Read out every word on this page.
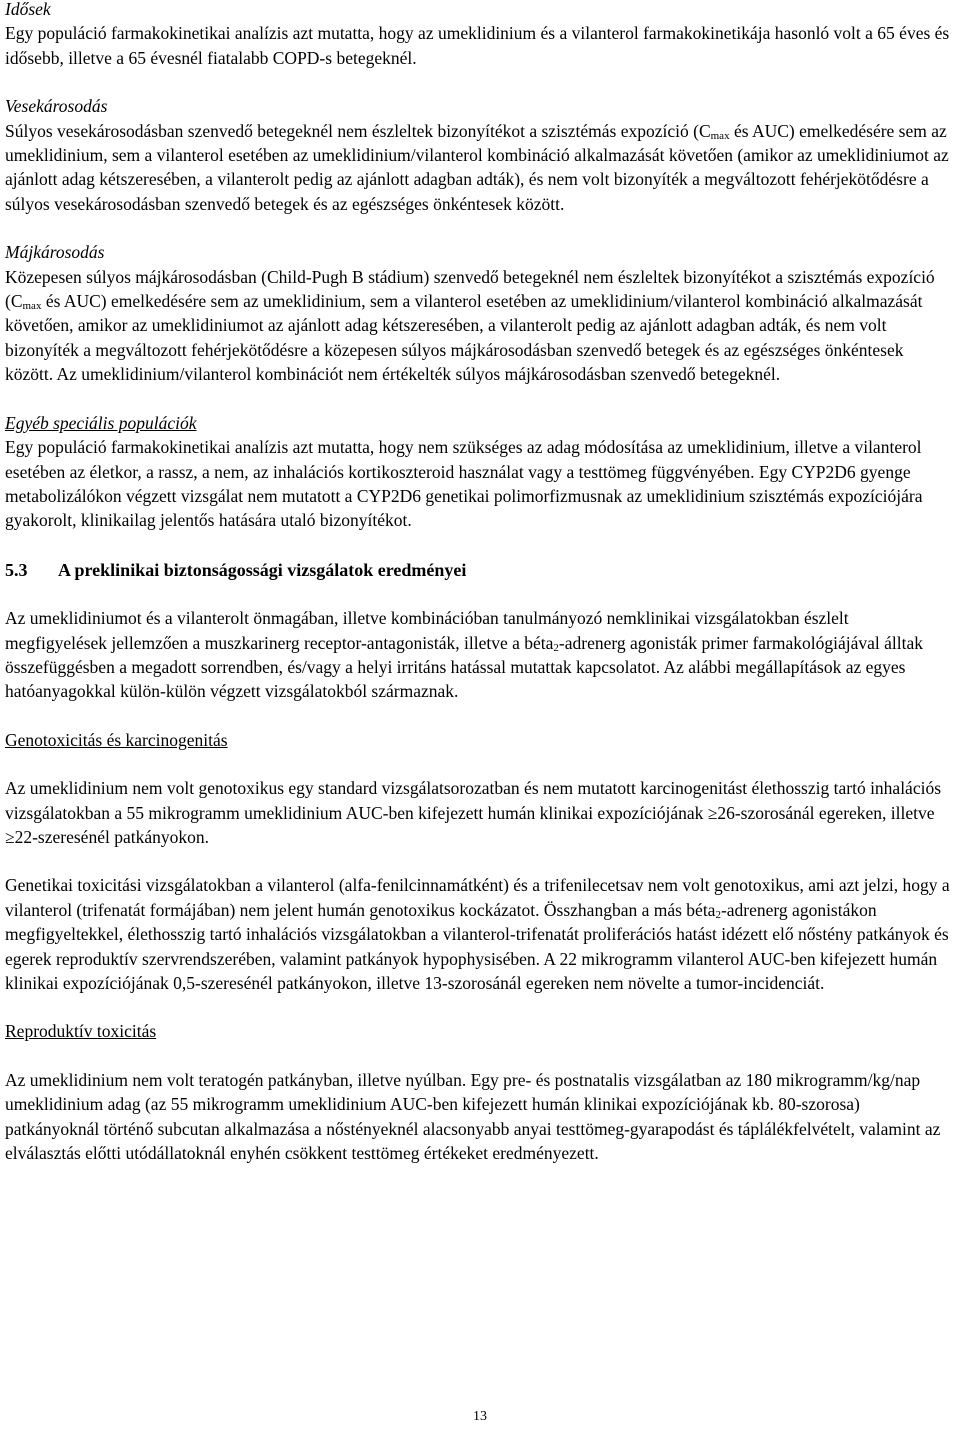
Idősek

Egy populáció farmakokinetikai analízis azt mutatta, hogy az umeklidinium és a vilanterol farmakokinetikája hasonló volt a 65 éves és idősebb, illetve a 65 évesnél fiatalabb COPD-s betegeknél.

Vesekárosodás

Súlyos vesekárosodásban szenvedő betegeknél nem észleltek bizonyítékot a szisztémás expozíció ($C_{max}$ és AUC) emelkedésére sem az umeklidinium, sem a vilanterol esetében az umeklidinium/vilanterol kombináció alkalmazását követően (amikor az umeklidiniumot az ajánlott adag kétszeresében, a vilanterolt pedig az ajánlott adagban adták), és nem volt bizonyíték a megváltozott fehérjekötődésre a súlyos vesekárosodásban szenvedő betegek és az egészséges önkéntesek között.

Májkárosodás

Közepesen súlyos májkárosodásban (Child-Pugh B stádium) szenvedő betegeknél nem észleltek bizonyítékot a szisztémás expozíció ($C_{max}$ és AUC) emelkedésére sem az umeklidinium, sem a vilanterol esetében az umeklidinium/vilanterol kombináció alkalmazását követően, amikor az umeklidiniumot az ajánlott adag kétszeresében, a vilanterolt pedig az ajánlott adagban adták, és nem volt bizonyíték a megváltozott fehérjekötődésre a közepesen súlyos májkárosodásban szenvedő betegek és az egészséges önkéntesek között. Az umeklidinium/vilanterol kombinációt nem értékelték súlyos májkárosodásban szenvedő betegeknél.

Egyéb speciális populációk

Egy populáció farmakokinetikai analízis azt mutatta, hogy nem szükséges az adag módosítása az umeklidinium, illetve a vilanterol esetében az életkor, a rassz, a nem, az inhalációs kortikoszteroid használat vagy a testtömeg függvényében. Egy CYP2D6 gyenge metabolizálókon végzett vizsgálat nem mutatott a CYP2D6 genetikai polimorfizmusnak az umeklidinium szisztémás expozíciójára gyakorolt, klinikailag jelentős hatására utaló bizonyítékot.

5.3 A preklinikai biztonságossági vizsgálatok eredményei

Az umeklidiniumot és a vilanterolt önmagában, illetve kombinációban tanulmányozó nemklinikai vizsgálatokban észlelt megfigyelések jellemzően a muszkarinerg receptor-antagonisták, illetve a béta$_2$-adrenerg agonisták primer farmakológiájával álltak összefüggésben a megadott sorrendben, és/vagy a helyi irritáns hatással mutattak kapcsolatot. Az alábbi megállapítások az egyes hatóanyagokkal külön-külön végzett vizsgálatokból származnak.

Genotoxicitás és karcinogenitás

Az umeklidinium nem volt genotoxikus egy standard vizsgálatsorozatban és nem mutatott karcinogenitást élethosszig tartó inhalációs vizsgálatokban a 55 mikrogramm umeklidinium AUC-ben kifejezett humán klinikai expozíciójának ≥26-szorosánál egereken, illetve ≥22-szeresénél patkányokon.

Genetikai toxicitási vizsgálatokban a vilanterol (alfa-fenilcinnamátként) és a trifenilecetsav nem volt genotoxikus, ami azt jelzi, hogy a vilanterol (trifenatát formájában) nem jelent humán genotoxikus kockázatot. Összhangban a más béta$_2$-adrenerg agonistákon megfigyeltekkel, élethosszig tartó inhalációs vizsgálatokban a vilanterol-trifenatát proliferációs hatást idézett elő nőstény patkányok és egerek reproduktív szervrendszerében, valamint patkányok hypophysisében. A 22 mikrogramm vilanterol AUC-ben kifejezett humán klinikai expozíciójának 0,5-szeresénél patkányokon, illetve 13-szorosánál egereken nem növelte a tumor-incidenciát.

Reproduktív toxicitás

Az umeklidinium nem volt teratogén patkányban, illetve nyúlban. Egy pre- és postnatalis vizsgálatban az 180 mikrogramm/kg/nap umeklidinium adag (az 55 mikrogramm umeklidinium AUC-ben kifejezett humán klinikai expozíciójának kb. 80-szorosa) patkányoknál történő subcutan alkalmazása a nőstényeknél alacsonyabb anyai testtömeg-gyarapodást és táplálékfelvételt, valamint az elválasztás előtti utódállatoknál enyhén csökkent testtömeg értékeket eredményezett.

13
